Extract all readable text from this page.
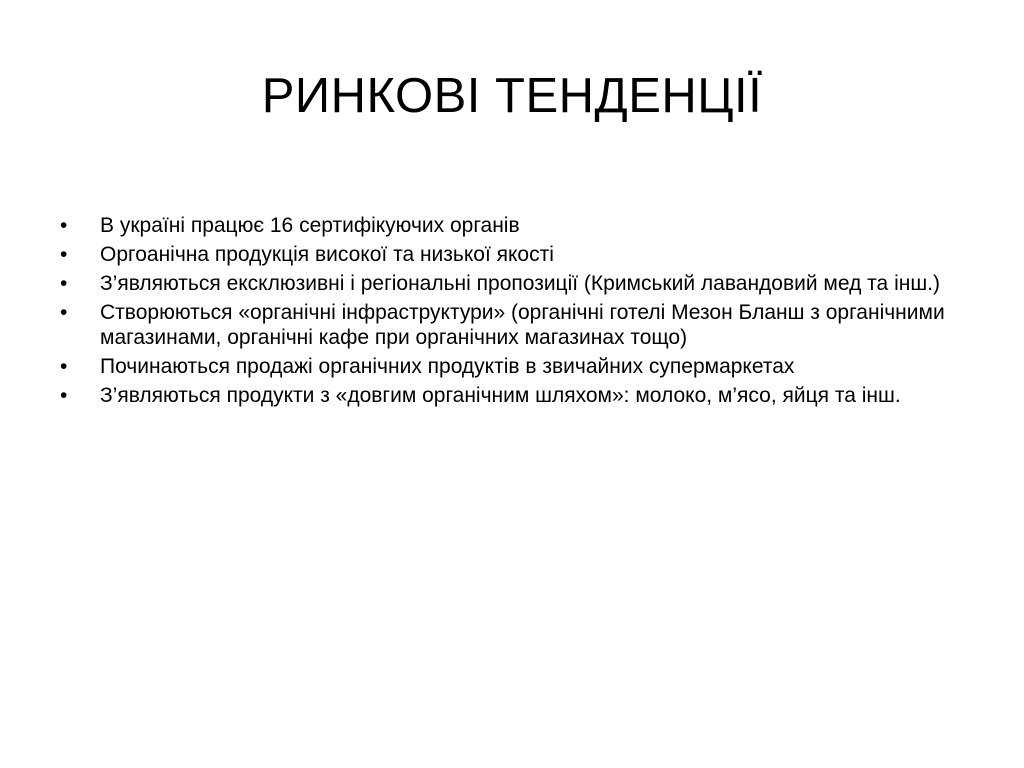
РИНКОВІ ТЕНДЕНЦІЇ
•	В україні працює 16 сертифікуючих органів
•	Оргоанічна продукція високої та низької якості
•	З’являються ексклюзивні і регіональні пропозиції (Кримський лавандовий мед та інш.)
•	Створюються «органічні інфраструктури» (органічні готелі Мезон Бланш з органічними магазинами, органічні кафе при органічних магазинах тощо)
•	Починаються продажі органічних продуктів в звичайних супермаркетах
•	З’являються продукти з «довгим органічним шляхом»: молоко, м’ясо, яйця та інш.
